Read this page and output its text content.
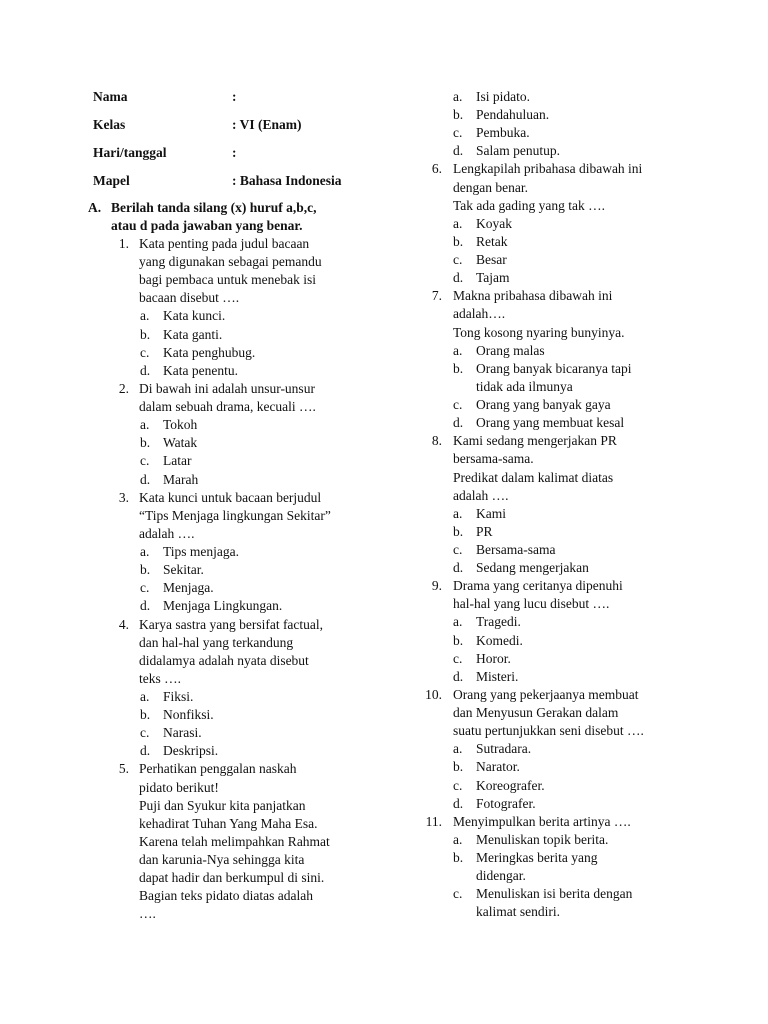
Nama	:
Kelas	: VI (Enam)
Hari/tanggal	:
Mapel	: Bahasa Indonesia
A. Berilah tanda silang (x) huruf a,b,c,
atau d pada jawaban yang benar.
1. Kata penting pada judul bacaan
yang digunakan sebagai pemandu
bagi pembaca untuk menebak isi
bacaan disebut ….
a. Kata kunci.
b. Kata ganti.
c. Kata penghubug.
d. Kata penentu.
2. Di bawah ini adalah unsur-unsur
dalam sebuah drama, kecuali ….
a. Tokoh
b. Watak
c. Latar
d. Marah
3. Kata kunci untuk bacaan berjudul
“Tips Menjaga lingkungan Sekitar”
adalah ….
a. Tips menjaga.
b. Sekitar.
c. Menjaga.
d. Menjaga Lingkungan.
4. Karya sastra yang bersifat factual,
dan hal-hal yang terkandung
didalamya adalah nyata disebut
teks ….
a. Fiksi.
b. Nonfiksi.
c. Narasi.
d. Deskripsi.
5. Perhatikan penggalan naskah
pidato berikut!
Puji dan Syukur kita panjatkan
kehadirat Tuhan Yang Maha Esa.
Karena telah melimpahkan Rahmat
dan karunia-Nya sehingga kita
dapat hadir dan berkumpul di sini.
Bagian teks pidato diatas adalah
….
a. Isi pidato.
b. Pendahuluan.
c. Pembuka.
d. Salam penutup.
6. Lengkapilah pribahasa dibawah ini
dengan benar.
Tak ada gading yang tak ….
a. Koyak
b. Retak
c. Besar
d. Tajam
7. Makna pribahasa dibawah ini
adalah….
Tong kosong nyaring bunyinya.
a. Orang malas
b. Orang banyak bicaranya tapi
tidak ada ilmunya
c. Orang yang banyak gaya
d. Orang yang membuat kesal
8. Kami sedang mengerjakan PR
bersama-sama.
Predikat dalam kalimat diatas
adalah ….
a. Kami
b. PR
c. Bersama-sama
d. Sedang mengerjakan
9. Drama yang ceritanya dipenuhi
hal-hal yang lucu disebut ….
a. Tragedi.
b. Komedi.
c. Horor.
d. Misteri.
10. Orang yang pekerjaanya membuat
dan Menyusun Gerakan dalam
suatu pertunjukkan seni disebut ….
a. Sutradara.
b. Narator.
c. Koreografer.
d. Fotografer.
11. Menyimpulkan berita artinya ….
a. Menuliskan topik berita.
b. Meringkas berita yang
didengar.
c. Menuliskan isi berita dengan
kalimat sendiri.
